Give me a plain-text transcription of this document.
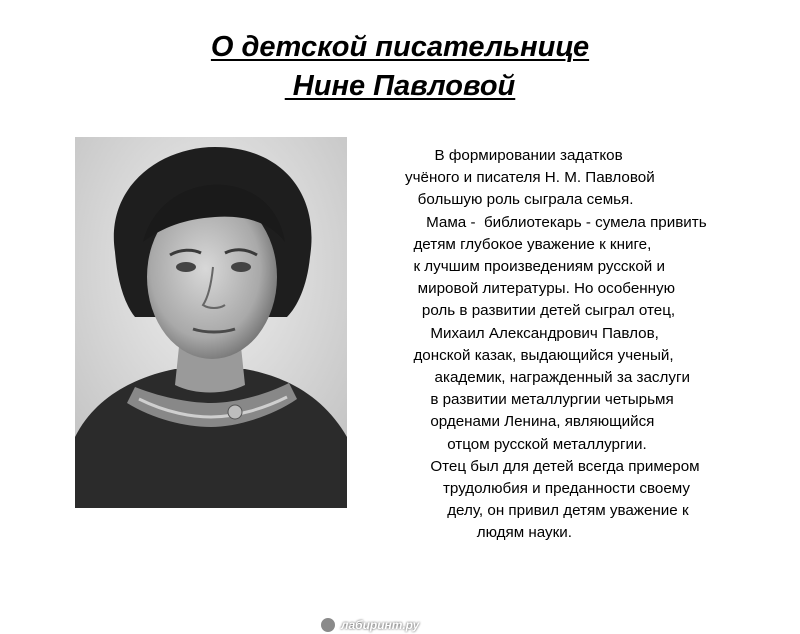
О детской писательнице
Нине Павловой
лабиринт.ру
В формировании задатков
учёного и писателя Н. М. Павловой
большую роль сыграла семья.
Мама -  библиотекарь - сумела привить
детям глубокое уважение к книге,
к лучшим произведениям русской и
мировой литературы. Но особенную
роль в развитии детей сыграл отец,
Михаил Александрович Павлов,
донской казак, выдающийся ученый,
академик, награжденный за заслуги
в развитии металлургии четырьмя
орденами Ленина, являющийся
отцом русской металлургии.
Отец был для детей всегда примером
трудолюбия и преданности своему
делу, он привил детям уважение к
людям науки.
